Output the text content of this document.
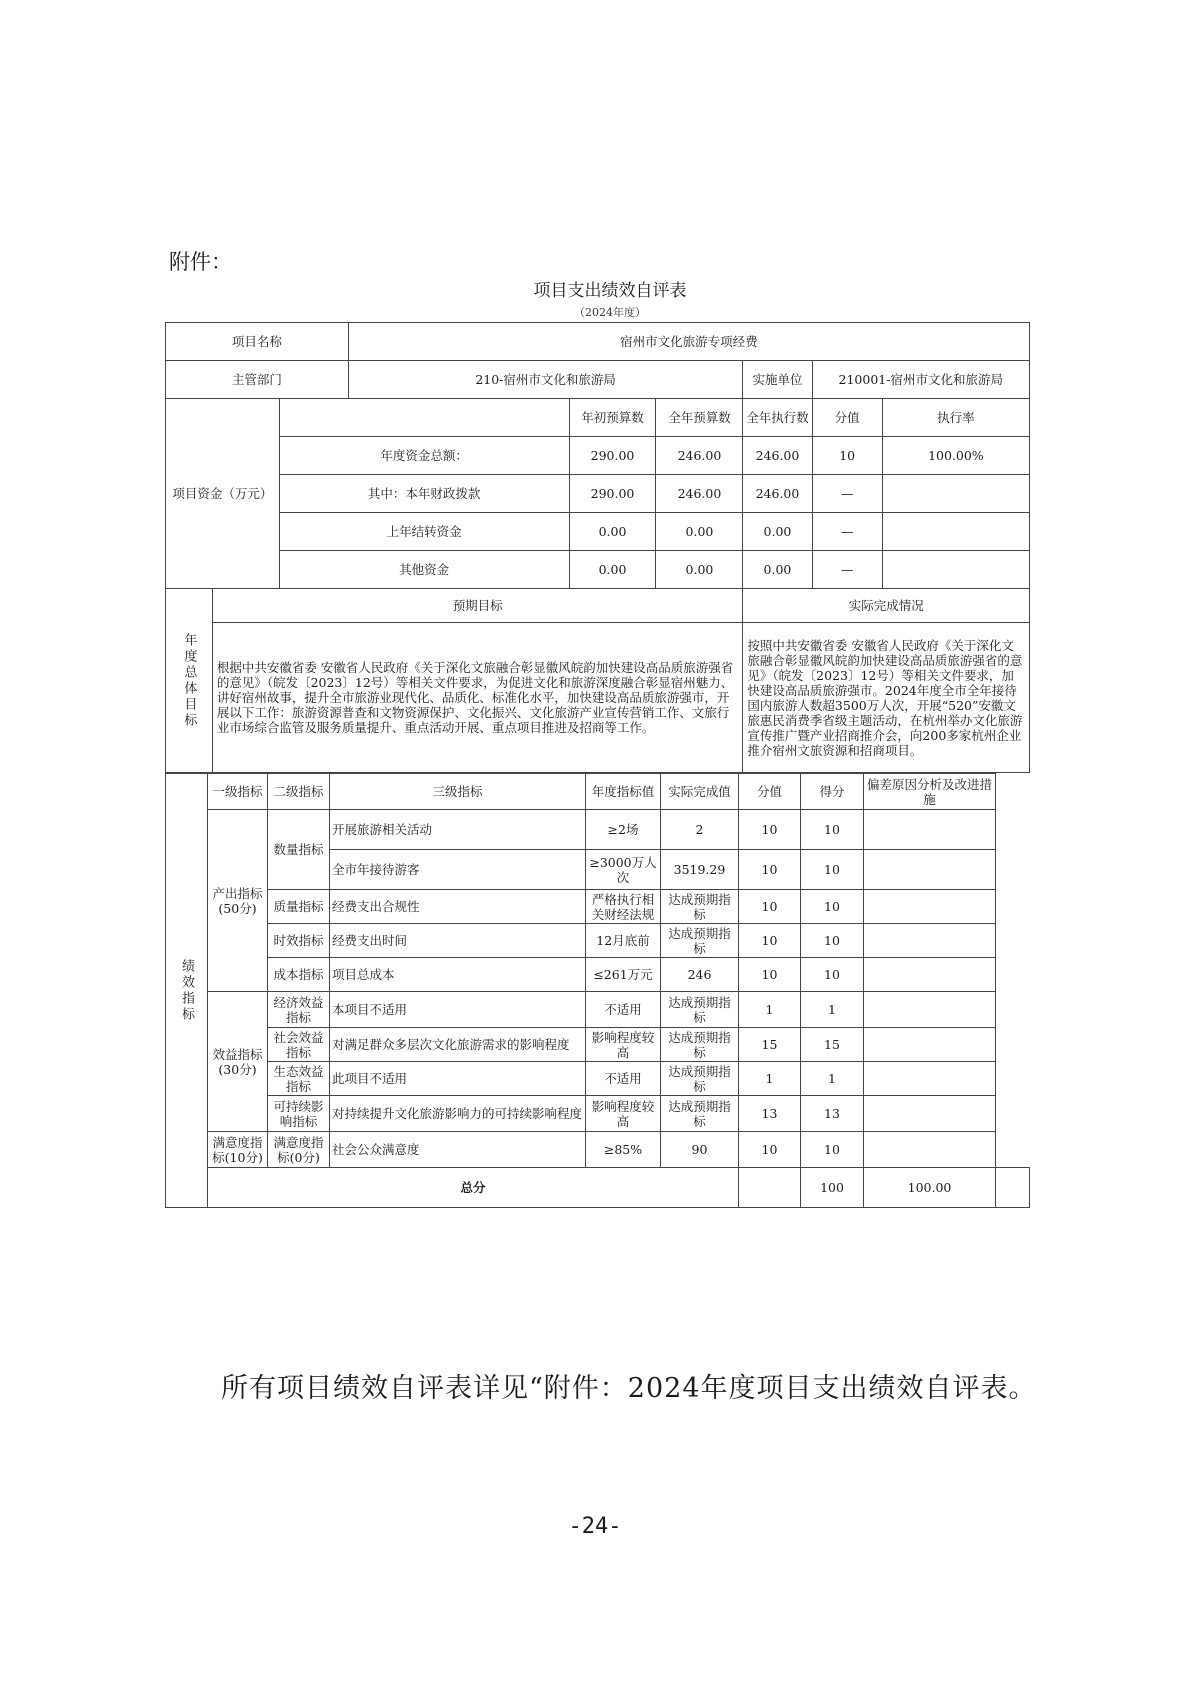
附件：
项目支出绩效自评表
（2024年度）
项目名称			宿州市文化旅游专项经费					
主管部门			210-宿州市文化和旅游局			实施单位	210001-宿州市文化和旅游局	
项目资金（万元）				年初预算数	全年预算数	全年执行数	分值	执行率
		年度资金总额：		290.00	246.00	246.00	10	100.00%
		其中：本年财政拨款		290.00	246.00	246.00	—	
		上年结转资金		0.00	0.00	0.00	—	
		其他资金		0.00	0.00	0.00	—	

年度总体目标	预期目标					实际完成情况		
	根据中共安徽省委 安徽省人民政府《关于深化文旅融合彰显徽风皖韵加快建设高品质旅游强省的意见》（皖发〔2023〕12号）等相关文件要求，为促进文化和旅游深度融合彰显宿州魅力、讲好宿州故事，提升全市旅游业现代化、品质化、标准化水平，加快建设高品质旅游强市，开展以下工作：旅游资源普查和文物资源保护、文化振兴、文化旅游产业宣传营销工作、文旅行业市场综合监管及服务质量提升、重点活动开展、重点项目推进及招商等工作。					按照中共安徽省委 安徽省人民政府《关于深化文旅融合彰显徽风皖韵加快建设高品质旅游强省的意见》（皖发〔2023〕12号）等相关文件要求，加快建设高品质旅游强市。2024年度全市全年接待国内旅游人数超3500万人次，开展“520”安徽文旅惠民消费季省级主题活动，在杭州举办文化旅游宣传推广暨产业招商推介会，向200多家杭州企业推介宿州文旅资源和招商项目。		
绩效指标	一级指标	二级指标	三级指标	年度指标值	实际完成值	分值	得分	偏差原因分析及改进措施	
	产出指标(50分)	数量指标	开展旅游相关活动	≥2场	2	10	10		
			全市年接待游客	≥3000万人次	3519.29	10	10		
		质量指标	经费支出合规性	严格执行相关财经法规	达成预期指标	10	10		
		时效指标	经费支出时间	12月底前	达成预期指标	10	10		
		成本指标	项目总成本	≤261万元	246	10	10		
	效益指标(30分)	经济效益指标	本项目不适用	不适用	达成预期指标	1	1		
		社会效益指标	对满足群众多层次文化旅游需求的影响程度	影响程度较高	达成预期指标	15	15		
		生态效益指标	此项目不适用	不适用	达成预期指标	1	1		
		可持续影响指标	对持续提升文化旅游影响力的可持续影响程度	影响程度较高	达成预期指标	13	13		
	满意度指标(10分)	满意度指标(0分)	社会公众满意度	≥85%	90	10	10		
	总分						100	100.00	
所有项目绩效自评表详见“附件：2024年度项目支出绩效自评表。
-24-
